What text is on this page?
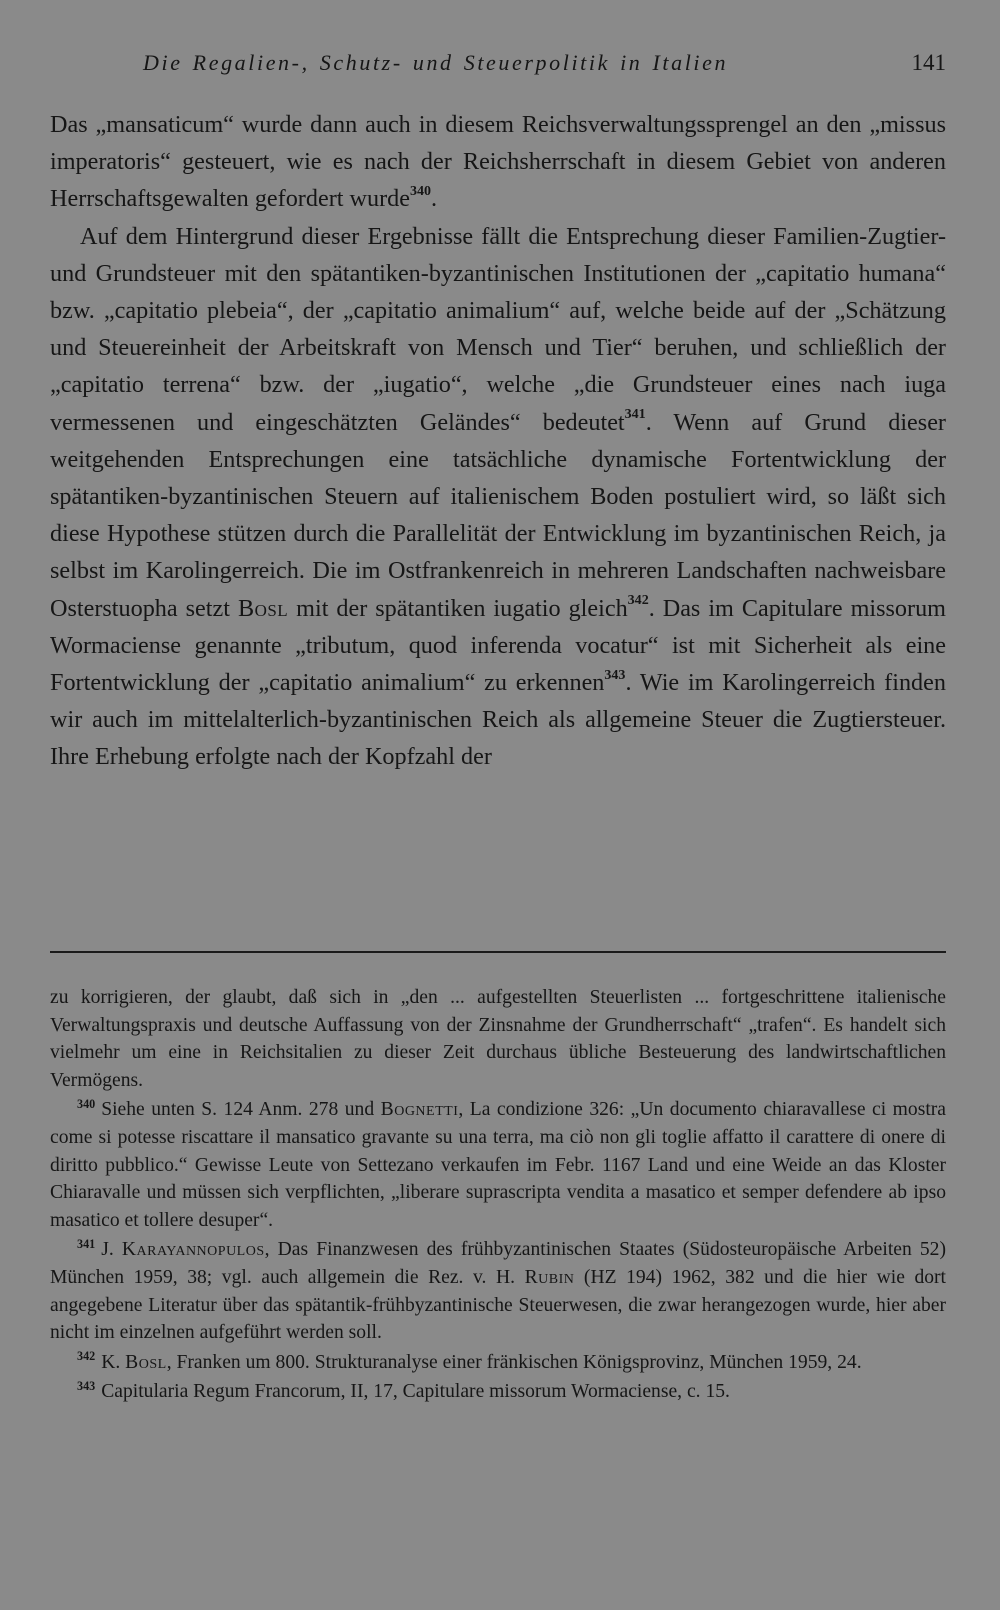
Die Regalien-, Schutz- und Steuerpolitik in Italien	141

Das „mansaticum“ wurde dann auch in diesem Reichsverwaltungssprengel an den „missus imperatoris“ gesteuert, wie es nach der Reichsherrschaft in diesem Gebiet von anderen Herrschaftsgewalten gefordert wurde$^{340}$.

Auf dem Hintergrund dieser Ergebnisse fällt die Entsprechung dieser Familien-Zugtier- und Grundsteuer mit den spätantiken-byzantinischen Institutionen der „capitatio humana“ bzw. „capitatio plebeia“, der „capitatio animalium“ auf, welche beide auf der „Schätzung und Steuereinheit der Arbeitskraft von Mensch und Tier“ beruhen, und schließlich der „capitatio terrena“ bzw. der „iugatio“, welche „die Grundsteuer eines nach iuga vermessenen und eingeschätzten Geländes“ bedeutet$^{341}$. Wenn auf Grund dieser weitgehenden Entsprechungen eine tatsächliche dynamische Fortentwicklung der spätantiken-byzantinischen Steuern auf italienischem Boden postuliert wird, so läßt sich diese Hypothese stützen durch die Parallelität der Entwicklung im byzantinischen Reich, ja selbst im Karolingerreich. Die im Ostfrankenreich in mehreren Landschaften nachweisbare Osterstuopha setzt Bosl mit der spätantiken iugatio gleich$^{342}$. Das im Capitulare missorum Wormaciense genannte „tributum, quod inferenda vocatur“ ist mit Sicherheit als eine Fortentwicklung der „capitatio animalium“ zu erkennen$^{343}$. Wie im Karolingerreich finden wir auch im mittelalterlich-byzantinischen Reich als allgemeine Steuer die Zugtiersteuer. Ihre Erhebung erfolgte nach der Kopfzahl der

zu korrigieren, der glaubt, daß sich in „den ... aufgestellten Steuerlisten ... fortgeschrittene italienische Verwaltungspraxis und deutsche Auffassung von der Zinsnahme der Grundherrschaft“ „trafen“. Es handelt sich vielmehr um eine in Reichsitalien zu dieser Zeit durchaus übliche Besteuerung des landwirtschaftlichen Vermögens.

$^{340}$ Siehe unten S. 124 Anm. 278 und Bognetti, La condizione 326: „Un documento chiaravallese ci mostra come si potesse riscattare il mansatico gravante su una terra, ma ciò non gli toglie affatto il carattere di onere di diritto pubblico.“ Gewisse Leute von Settezano verkaufen im Febr. 1167 Land und eine Weide an das Kloster Chiaravalle und müssen sich verpflichten, „liberare suprascripta vendita a masatico et semper defendere ab ipso masatico et tollere desuper“.

$^{341}$ J. Karayannopulos, Das Finanzwesen des frühbyzantinischen Staates (Südosteuropäische Arbeiten 52) München 1959, 38; vgl. auch allgemein die Rez. v. H. Rubin (HZ 194) 1962, 382 und die hier wie dort angegebene Literatur über das spätantik-frühbyzantinische Steuerwesen, die zwar herangezogen wurde, hier aber nicht im einzelnen aufgeführt werden soll.

$^{342}$ K. Bosl, Franken um 800. Strukturanalyse einer fränkischen Königsprovinz, München 1959, 24.

$^{343}$ Capitularia Regum Francorum, II, 17, Capitulare missorum Wormaciense, c. 15.
